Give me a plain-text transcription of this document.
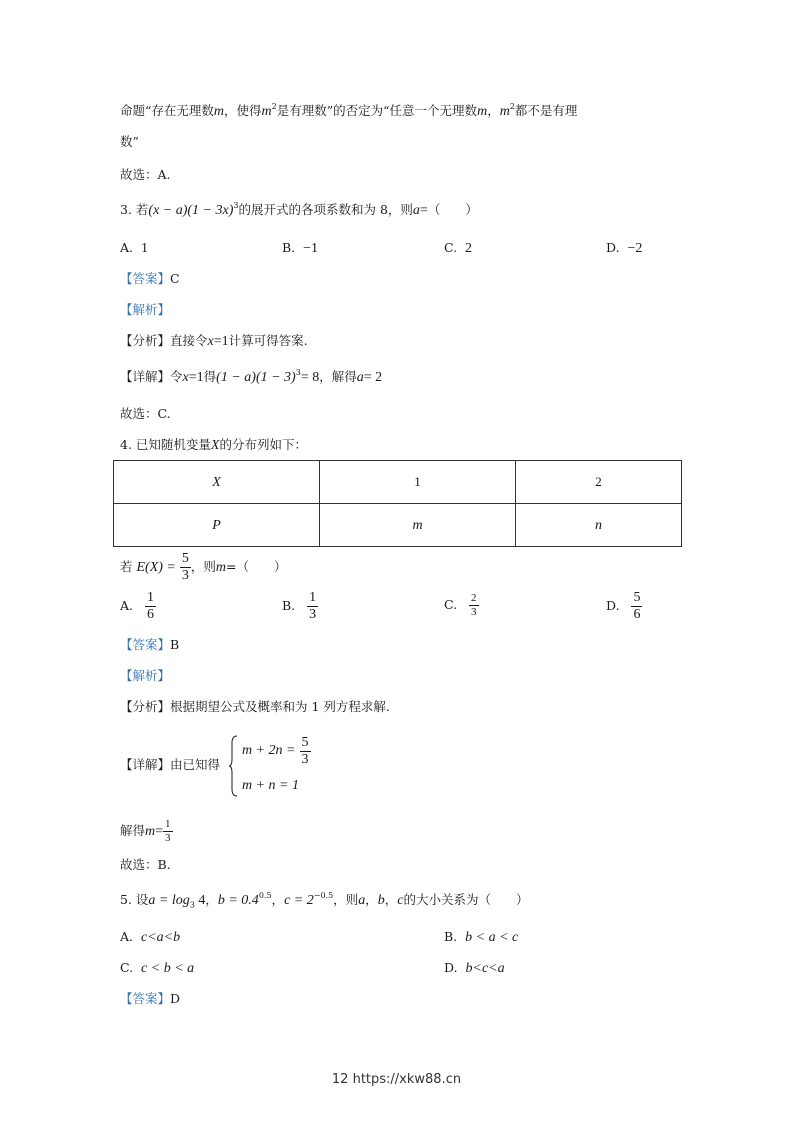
命题“存在无理数m，使得$m^2$是有理数”的否定为“任意一个无理数m，$m^2$都不是有理
数”
故选：A.
3. 若$(x - a)(1 - 3x)^3$的展开式的各项系数和为 8，则a=（　　）
A. 1	B. −1	C. 2	D. −2
【答案】C
【解析】
【分析】直接令x=1计算可得答案.
【详解】令x=1得$(1 - a)(1 - 3)^3= 8$，解得a= 2
故选：C.
4. 已知随机变量X的分布列如下：
X	1	2
P	m	n
若 $E(X) = \frac{5}{3}$ ，则m=（　　）
A. $\frac{1}{6}$	B. $\frac{1}{3}$	C. $\frac{2}{3}$	D. $\frac{5}{6}$
【答案】B
【解析】
【分析】根据期望公式及概率和为 1 列方程求解.
【详解】由已知得
$m + 2n = \frac{5}{3}$
m + n = 1
解得$m= \frac{1}{3}$
故选：B.
5. 设$a = \log_3 4$，$b = 0.4^{0.5}$，$c = 2^{-0.5}$，则a，b，c的大小关系为（　　）
A. c<a<b	B. b < a < c
C. c < b < a	D. b<c<a
【答案】D
12 https://xkw88.cn
